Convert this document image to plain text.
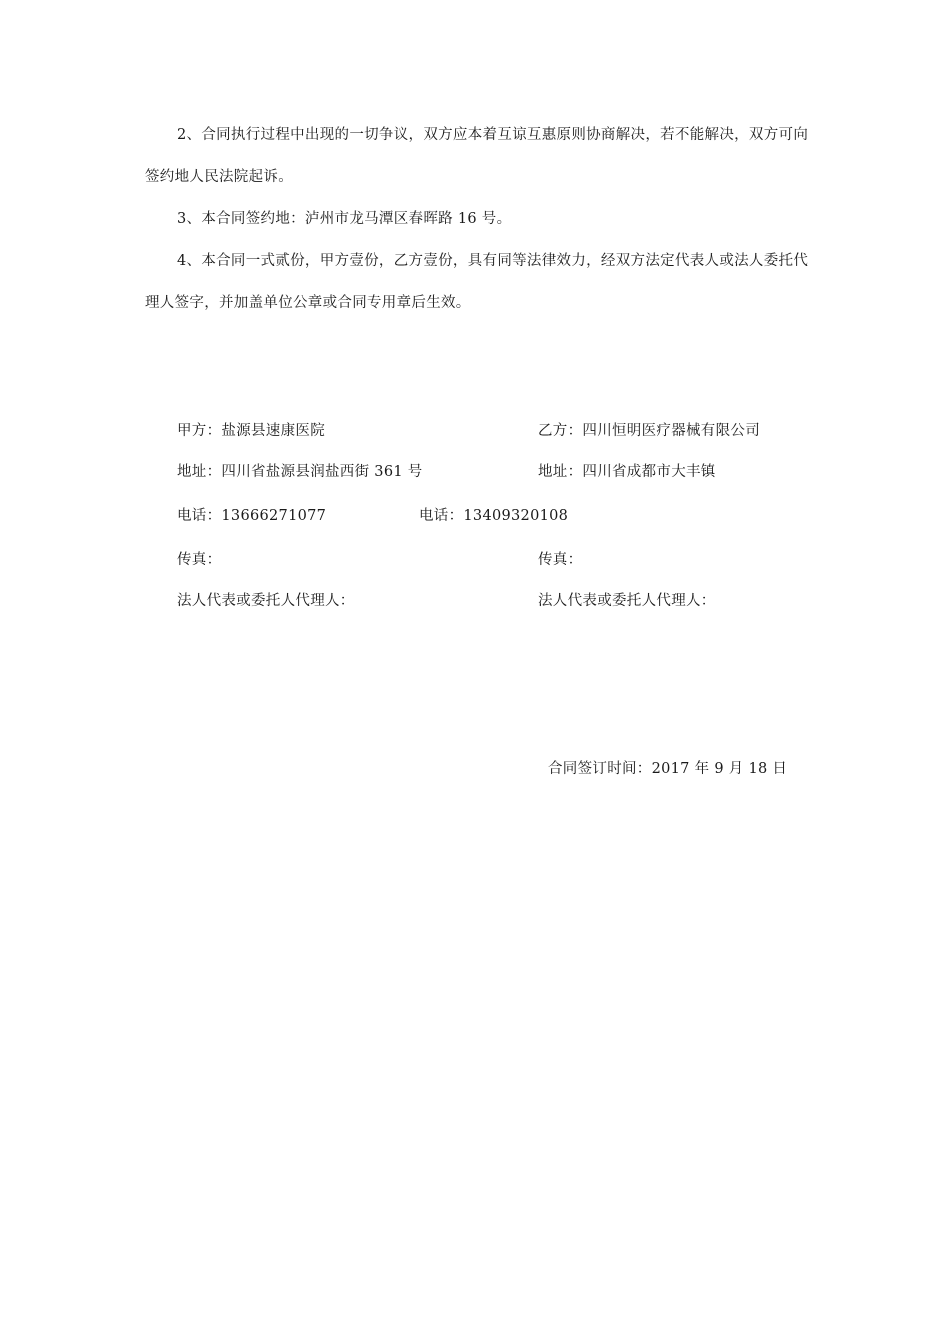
2、合同执行过程中出现的一切争议，双方应本着互谅互惠原则协商解决，若不能解决，双方可向签约地人民法院起诉。
3、本合同签约地：泸州市龙马潭区春晖路 16 号。
4、本合同一式贰份，甲方壹份，乙方壹份，具有同等法律效力，经双方法定代表人或法人委托代理人签字，并加盖单位公章或合同专用章后生效。
甲方：盐源县速康医院	乙方：四川恒明医疗器械有限公司
地址：四川省盐源县润盐西街 361 号	地址：四川省成都市大丰镇
电话：13666271077	电话：13409320108
传真：	传真：
法人代表或委托人代理人：	法人代表或委托人代理人：
合同签订时间：2017 年 9 月 18 日
